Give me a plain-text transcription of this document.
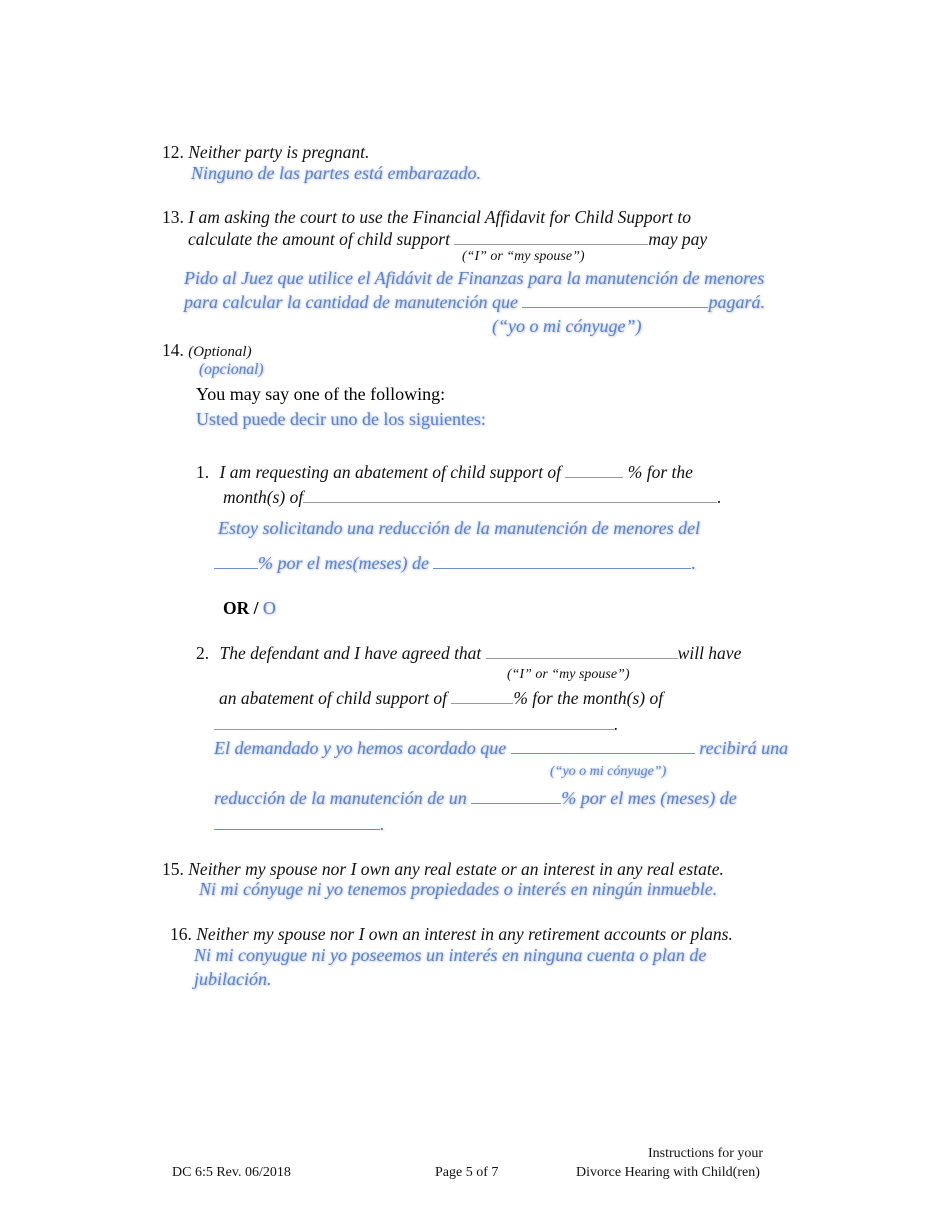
12. Neither party is pregnant.
Ninguno de las partes está embarazado.
13. I am asking the court to use the Financial Affidavit for Child Support to
calculate the amount of child support	may pay
(“I” or “my spouse”)
Pido al Juez que utilice el Afidávit de Finanzas para la manutención de menores
para calcular la cantidad de manutención que	pagará.
(“yo o mi cónyuge”)
14. (Optional)
(opcional)
You may say one of the following:
Usted puede decir uno de los siguientes:
1. I am requesting an abatement of child support of	% for the
month(s) of	.
Estoy solicitando una reducción de la manutención de menores del
% por el mes(meses) de	.
OR / O
2. The defendant and I have agreed that	will have
(“I” or “my spouse”)
an abatement of child support of	% for the month(s) of
.
El demandado y yo hemos acordado que	recibirá una
(“yo o mi cónyuge”)
reducción de la manutención de un	% por el mes (meses) de
.
15. Neither my spouse nor I own any real estate or an interest in any real estate.
Ni mi cónyuge ni yo tenemos propiedades o interés en ningún inmueble.
16. Neither my spouse nor I own an interest in any retirement accounts or plans.
Ni mi conyugue ni yo poseemos un interés en ninguna cuenta o plan de
jubilación.
DC 6:5 Rev. 06/2018	Page 5 of 7
Instructions for your
Divorce Hearing with Child(ren)
